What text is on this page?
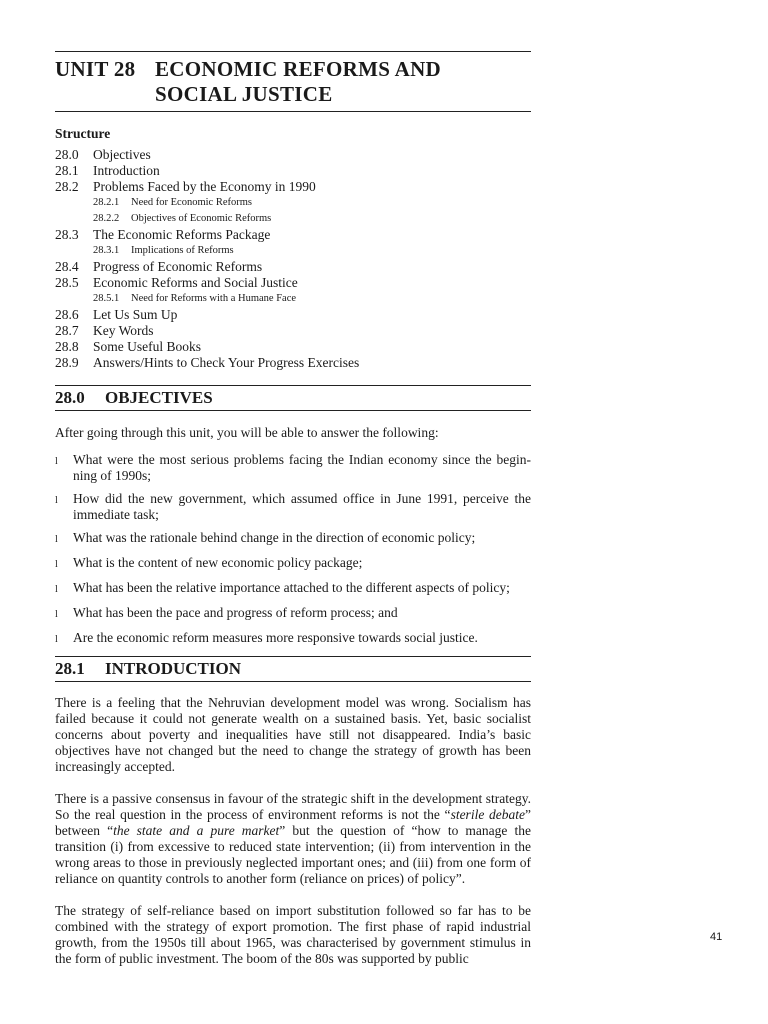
UNIT 28 ECONOMIC REFORMS AND
SOCIAL JUSTICE
Structure
28.0	Objectives
28.1	Introduction
28.2	Problems Faced by the Economy in 1990
28.2.1	Need for Economic Reforms
28.2.2	Objectives of Economic Reforms
28.3	The Economic Reforms Package
28.3.1	Implications of Reforms
28.4	Progress of Economic Reforms
28.5	Economic Reforms and Social Justice
28.5.1	Need for Reforms with a Humane Face
28.6	Let Us Sum Up
28.7	Key Words
28.8	Some Useful Books
28.9	Answers/Hints to Check Your Progress Exercises
28.0	OBJECTIVES
After going through this unit, you will be able to answer the following:
l	What were the most serious problems facing the Indian economy since the begin-ning of 1990s;
l	How did the new government, which assumed office in June 1991, perceive the immediate task;
l	What was the rationale behind change in the direction of economic policy;
l	What is the content of new economic policy package;
l	What has been the relative importance attached to the different aspects of policy;
l	What has been the pace and progress of reform process; and
l	Are the economic reform measures more responsive towards social justice.
28.1	INTRODUCTION
There is a feeling that the Nehruvian development model was wrong. Socialism has failed because it could not generate wealth on a sustained basis. Yet, basic socialist concerns about poverty and inequalities have still not disappeared. India’s basic objectives have not changed but the need to change the strategy of growth has been increasingly accepted.
There is a passive consensus in favour of the strategic shift in the development strategy. So the real question in the process of environment reforms is not the “sterile debate” between “the state and a pure market” but the question of “how to manage the transition (i) from excessive to reduced state intervention; (ii) from intervention in the wrong areas to those in previously neglected important ones; and (iii) from one form of reliance on quantity controls to another form (reliance on prices) of policy”.
The strategy of self-reliance based on import substitution followed so far has to be combined with the strategy of export promotion. The first phase of rapid industrial growth, from the 1950s till about 1965, was characterised by government stimulus in the form of public investment. The boom of the 80s was supported by public
41
